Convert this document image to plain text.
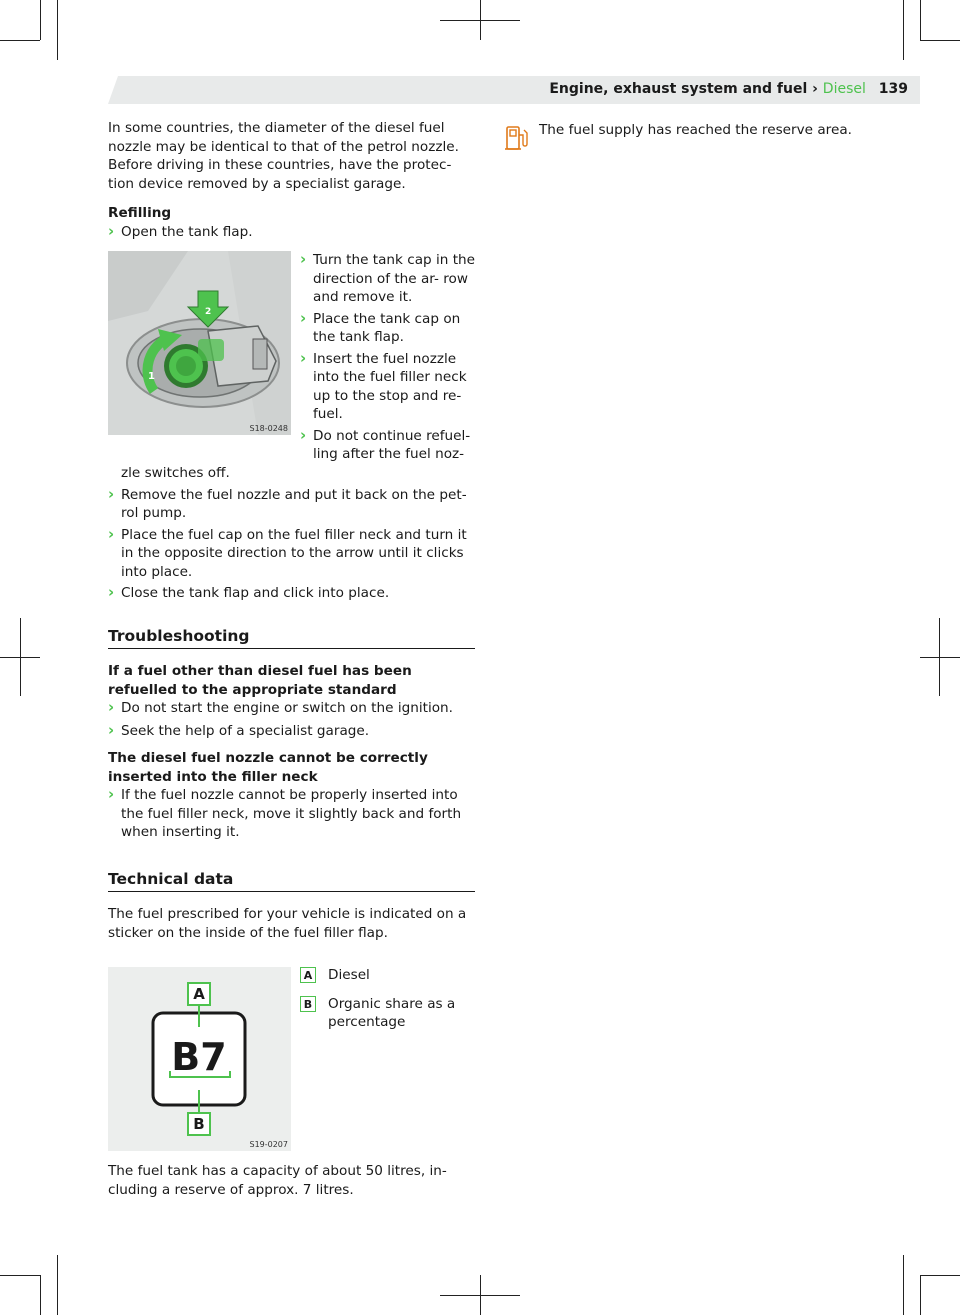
Engine, exhaust system and fuel › Diesel 139

In some countries, the diameter of the diesel fuel nozzle may be identical to that of the petrol nozzle. Before driving in these countries, have the protec- tion device removed by a specialist garage.

Refilling

› Open the tank flap.

1
2
S18-0248

› Turn the tank cap in the direction of the ar- row and remove it.

› Place the tank cap on the tank flap.

› Insert the fuel nozzle into the fuel filler neck up to the stop and re- fuel.

› Do not continue refuel- ling after the fuel noz-

zle switches off.

› Remove the fuel nozzle and put it back on the pet- rol pump.

› Place the fuel cap on the fuel filler neck and turn it in the opposite direction to the arrow until it clicks into place.

› Close the tank flap and click into place.

Troubleshooting

If a fuel other than diesel fuel has been refuelled to the appropriate standard

› Do not start the engine or switch on the ignition.

› Seek the help of a specialist garage.

The diesel fuel nozzle cannot be correctly inserted into the filler neck

› If the fuel nozzle cannot be properly inserted into the fuel filler neck, move it slightly back and forth when inserting it.

Technical data

The fuel prescribed for your vehicle is indicated on a sticker on the inside of the fuel filler flap.

B7
A
B
S19-0207
A Diesel
B Organic share as a percentage

The fuel tank has a capacity of about 50 litres, in- cluding a reserve of approx. 7 litres.

The fuel supply has reached the reserve area.
